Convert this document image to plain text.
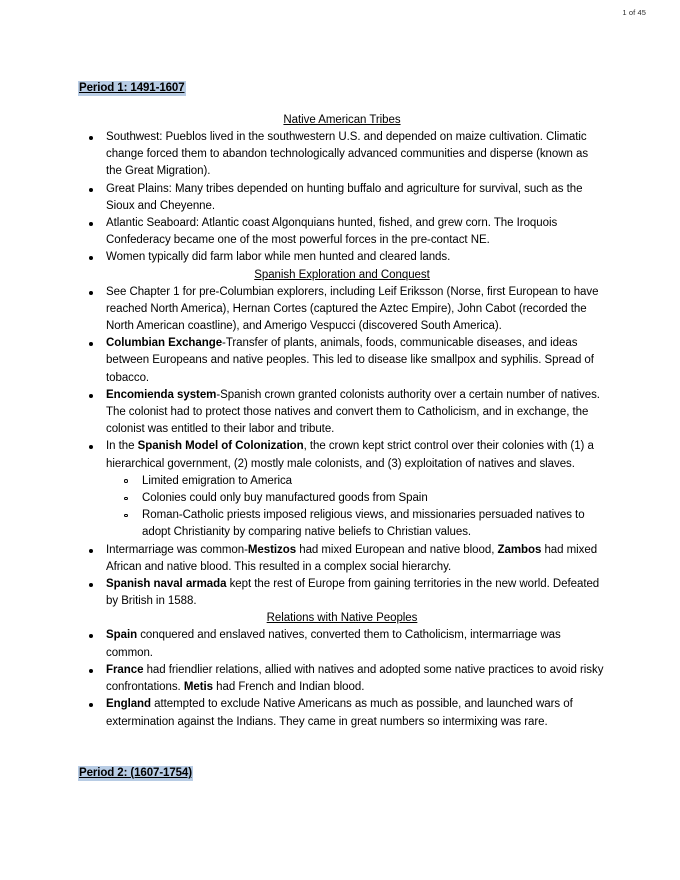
1 of 45
Period 1: 1491-1607
Native American Tribes
Southwest: Pueblos lived in the southwestern U.S. and depended on maize cultivation. Climatic change forced them to abandon technologically advanced communities and disperse (known as the Great Migration).
Great Plains: Many tribes depended on hunting buffalo and agriculture for survival, such as the Sioux and Cheyenne.
Atlantic Seaboard: Atlantic coast Algonquians hunted, fished, and grew corn. The Iroquois Confederacy became one of the most powerful forces in the pre-contact NE.
Women typically did farm labor while men hunted and cleared lands.
Spanish Exploration and Conquest
See Chapter 1 for pre-Columbian explorers, including Leif Eriksson (Norse, first European to have reached North America), Hernan Cortes (captured the Aztec Empire), John Cabot (recorded the North American coastline), and Amerigo Vespucci (discovered South America).
Columbian Exchange-Transfer of plants, animals, foods, communicable diseases, and ideas between Europeans and native peoples. This led to disease like smallpox and syphilis. Spread of tobacco.
Encomienda system-Spanish crown granted colonists authority over a certain number of natives. The colonist had to protect those natives and convert them to Catholicism, and in exchange, the colonist was entitled to their labor and tribute.
In the Spanish Model of Colonization, the crown kept strict control over their colonies with (1) a hierarchical government, (2) mostly male colonists, and (3) exploitation of natives and slaves.
Limited emigration to America
Colonies could only buy manufactured goods from Spain
Roman-Catholic priests imposed religious views, and missionaries persuaded natives to adopt Christianity by comparing native beliefs to Christian values.
Intermarriage was common-Mestizos had mixed European and native blood, Zambos had mixed African and native blood. This resulted in a complex social hierarchy.
Spanish naval armada kept the rest of Europe from gaining territories in the new world. Defeated by British in 1588.
Relations with Native Peoples
Spain conquered and enslaved natives, converted them to Catholicism, intermarriage was common.
France had friendlier relations, allied with natives and adopted some native practices to avoid risky confrontations. Metis had French and Indian blood.
England attempted to exclude Native Americans as much as possible, and launched wars of extermination against the Indians. They came in great numbers so intermixing was rare.
Period 2: (1607-1754)
